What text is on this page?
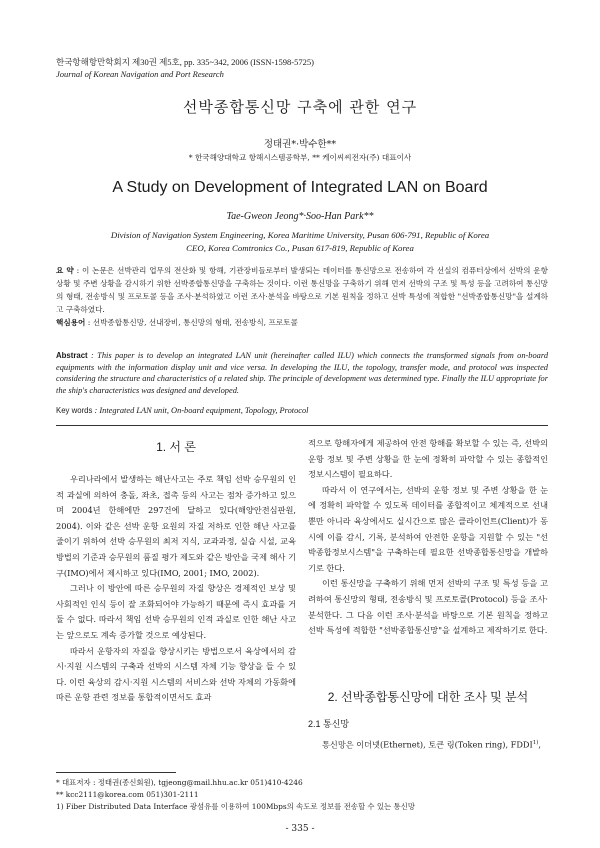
한국항해항만학회지 제30권 제5호, pp. 335~342, 2006 (ISSN-1598-5725)
Journal of Korean Navigation and Port Research
선박종합통신망 구축에 관한 연구
정태권*·박수한**
* 한국해양대학교 항해시스템공학부, ** 케이씨씨전자(주) 대표이사
A Study on Development of Integrated LAN on Board
Tae-Gweon Jeong*·Soo-Han Park**
Division of Navigation System Engineering, Korea Maritime University, Pusan 606-791, Republic of Korea
CEO, Korea Comtronics Co., Pusan 617-819, Republic of Korea
요 약 : 이 논문은 선박관리 업무의 전산화 및 항해, 기관장비들로부터 발생되는 데이터를 통신망으로 전송하여 각 선실의 컴퓨터상에서 선박의 운항 상황 및 주변 상황을 감시하기 위한 선박종합통신망을 구축하는 것이다. 이런 통신망을 구축하기 위해 먼저 선박의 구조 및 특성 등을 고려하여 통신망의 형태, 전송방식 및 프로토콜 등을 조사·분석하였고 이런 조사·분석을 바탕으로 기본 원칙을 정하고 선박 특성에 적합한 "선박종합통신망"을 설계하고 구축하였다.
핵심용어 : 선박종합통신망, 선내장비, 통신망의 형태, 전송방식, 프로토콜
Abstract : This paper is to develop an integrated LAN unit (hereinafter called ILU) which connects the transformed signals from on-board equipments with the information display unit and vice versa. In developing the ILU, the topology, transfer mode, and protocol was inspected considering the structure and characteristics of a related ship. The principle of development was determined type. Finally the ILU appropriate for the ship's characteristics was designed and developed.
Key words : Integrated LAN unit, On-board equipment, Topology, Protocol
1. 서 론

우리나라에서 발생하는 해난사고는 주로 책임 선박 승무원의 인적 과실에 의하여 충돌, 좌초, 접촉 등의 사고는 점차 증가하고 있으며 2004년 한해에만 297건에 달하고 있다(해양안전심판원, 2004). 이와 같은 선박 운항 요원의 자질 저하로 인한 해난 사고를 줄이기 위하여 선박 승무원의 최저 지식, 교과과정, 실습 시설, 교육 방법의 기준과 승무원의 품질 평가 제도와 같은 방안을 국제 해사 기구(IMO)에서 제시하고 있다(IMO, 2001; IMO, 2002).

그러나 이 방안에 따른 승무원의 자질 향상은 경제적인 보상 및 사회적인 인식 등이 잘 조화되어야 가능하기 때문에 즉시 효과를 거둘 수 없다. 따라서 책임 선박 승무원의 인적 과실로 인한 해난 사고는 앞으로도 계속 증가할 것으로 예상된다.

따라서 운항자의 자질을 향상시키는 방법으로서 육상에서의 감시·지원 시스템의 구축과 선박의 시스템 자체 기능 향상을 들 수 있다. 이런 육상의 감시·지원 시스템의 서비스와 선박 자체의 가동화에 따른 운항 관련 정보를 통합적이면서도 효과

적으로 항해자에게 제공하여 안전 항해를 확보할 수 있는 즉, 선박의 운항 정보 및 주변 상황을 한 눈에 정확히 파악할 수 있는 종합적인 정보시스템이 필요하다.

따라서 이 연구에서는, 선박의 운항 정보 및 주변 상황을 한 눈에 정확히 파악할 수 있도록 데이터를 종합적이고 체계적으로 선내뿐만 아니라 육상에서도 실시간으로 많은 클라이언트(Client)가 동시에 이를 감시, 기록, 분석하여 안전한 운항을 지원할 수 있는 "선박종합정보시스템"을 구축하는데 필요한 선박종합통신망을 개발하기로 한다.

이런 통신망을 구축하기 위해 먼저 선박의 구조 및 특성 등을 고려하여 통신망의 형태, 전송방식 및 프로토콜(Protocol) 등을 조사·분석한다. 그 다음 이런 조사·분석을 바탕으로 기본 원칙을 정하고 선박 특성에 적합한 "선박종합통신망"을 설계하고 제작하기로 한다.

2. 선박종합통신망에 대한 조사 및 분석
2.1 통신망

통신망은 이더넷(Ethernet), 토큰 링(Token ring), FDDI$^{1)}$,

* 대표저자 : 정태권(종신회원), tgjeong@mail.hhu.ac.kr 051)410-4246
** kcc2111@korea.com 051)301-2111
1) Fiber Distributed Data Interface 광섬유를 이용하여 100Mbps의 속도로 정보를 전송할 수 있는 통신망
- 335 -
